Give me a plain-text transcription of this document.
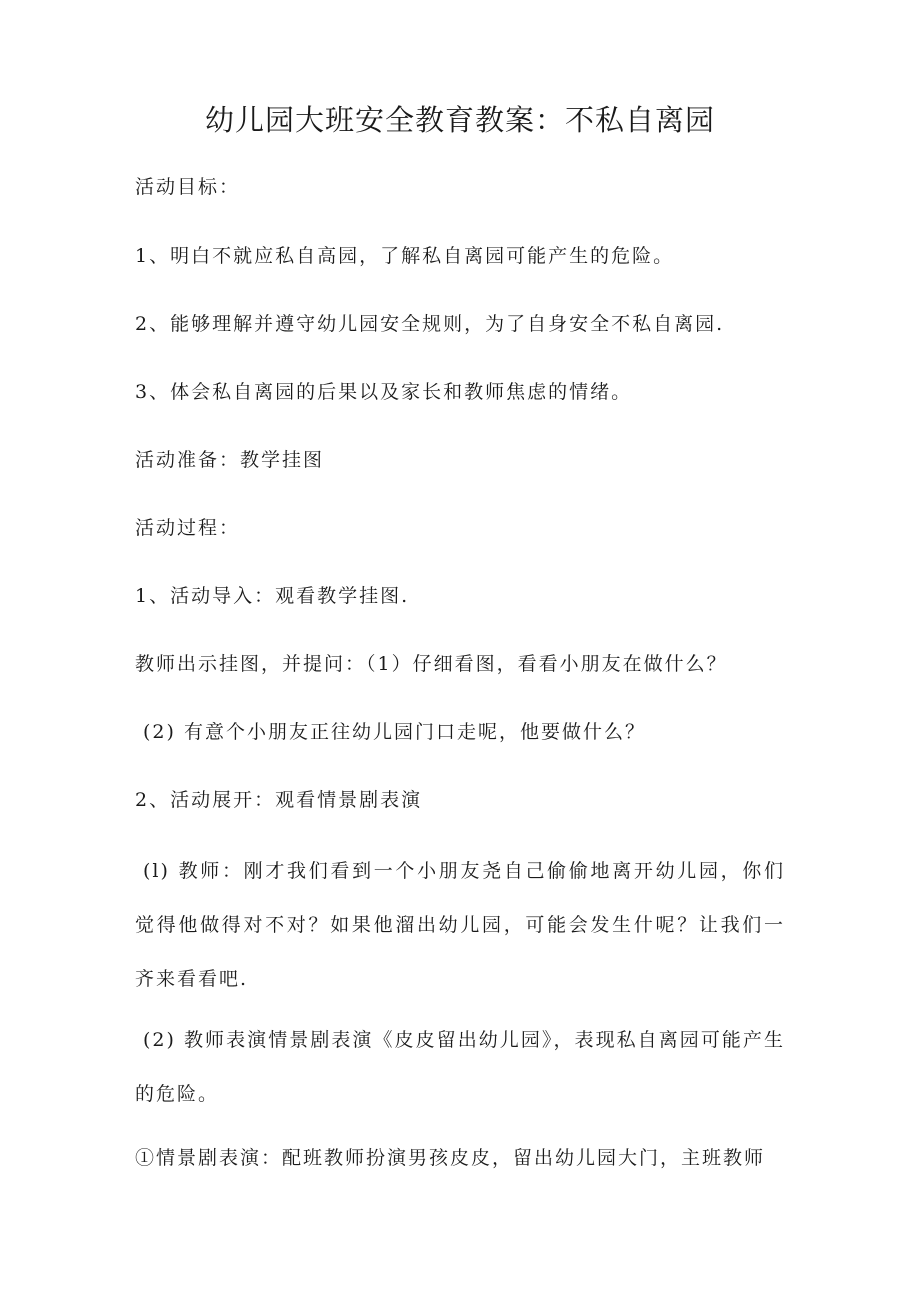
幼儿园大班安全教育教案：不私自离园

活动目标：

1、明白不就应私自高园，了解私自离园可能产生的危险。

2、能够理解并遵守幼儿园安全规则，为了自身安全不私自离园.

3、体会私自离园的后果以及家长和教师焦虑的情绪。

活动准备：教学挂图

活动过程：

1、活动导入：观看教学挂图.

教师出示挂图，并提问：（1）仔细看图，看看小朋友在做什么？

(2) 有意个小朋友正往幼儿园门口走呢，他要做什么？

2、活动展开：观看情景剧表演

(l) 教师：刚才我们看到一个小朋友尧自己偷偷地离开幼儿园，你们觉得他做得对不对？如果他溜出幼儿园，可能会发生什呢？让我们一齐来看看吧.

(2) 教师表演情景剧表演《皮皮留出幼儿园》，表现私自离园可能产生的危险。

①情景剧表演：配班教师扮演男孩皮皮，留出幼儿园大门，主班教师
